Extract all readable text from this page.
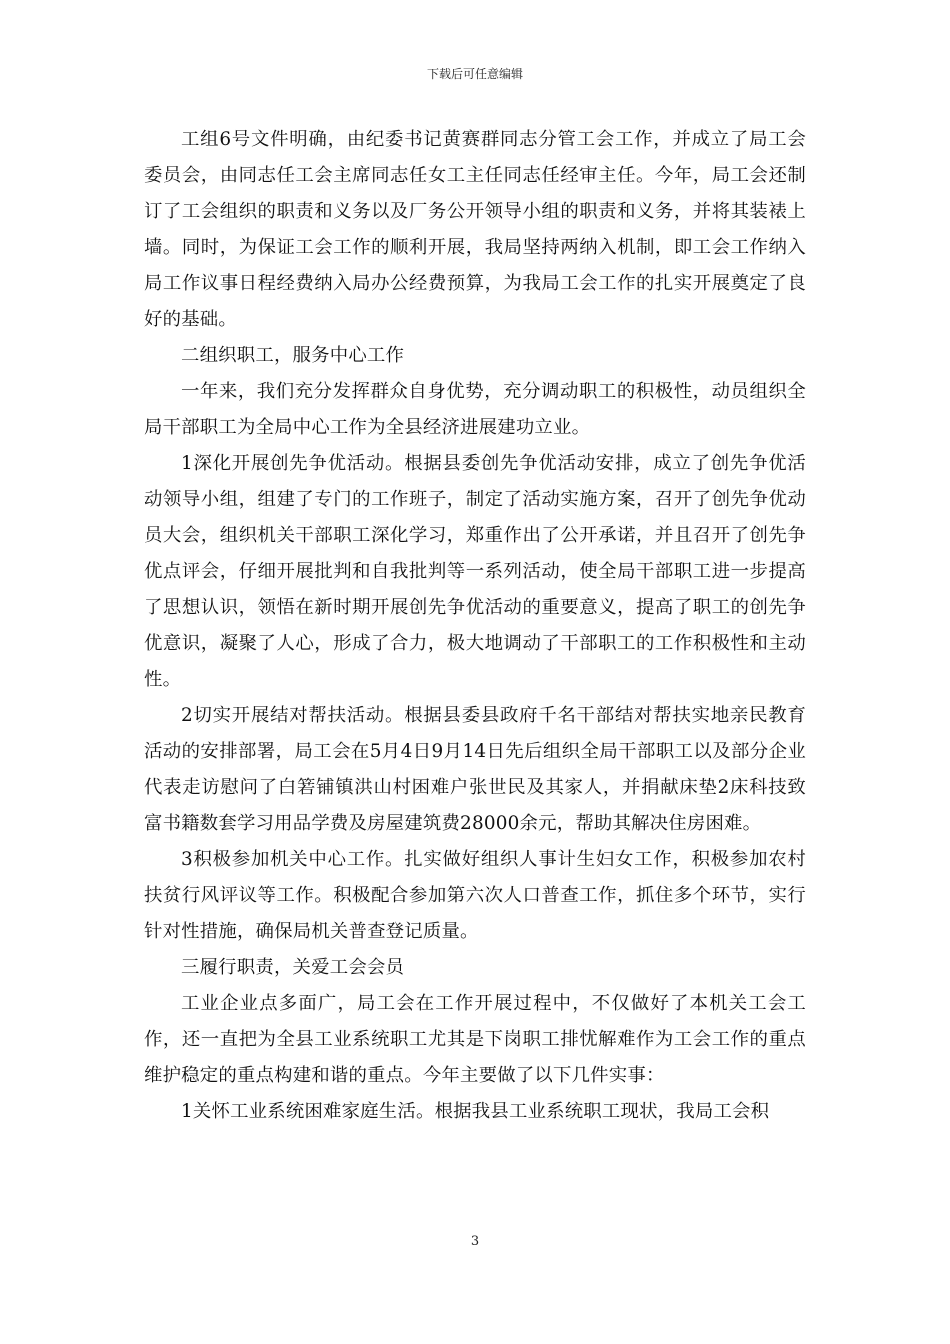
下载后可任意编辑

工组6号文件明确，由纪委书记黄赛群同志分管工会工作，并成立了局工会委员会，由同志任工会主席同志任女工主任同志任经审主任。今年，局工会还制订了工会组织的职责和义务以及厂务公开领导小组的职责和义务，并将其装裱上墙。同时，为保证工会工作的顺利开展，我局坚持两纳入机制，即工会工作纳入局工作议事日程经费纳入局办公经费预算，为我局工会工作的扎实开展奠定了良好的基础。

二组织职工，服务中心工作

一年来，我们充分发挥群众自身优势，充分调动职工的积极性，动员组织全局干部职工为全局中心工作为全县经济进展建功立业。

1深化开展创先争优活动。根据县委创先争优活动安排，成立了创先争优活动领导小组，组建了专门的工作班子，制定了活动实施方案，召开了创先争优动员大会，组织机关干部职工深化学习，郑重作出了公开承诺，并且召开了创先争优点评会，仔细开展批判和自我批判等一系列活动，使全局干部职工进一步提高了思想认识，领悟在新时期开展创先争优活动的重要意义，提高了职工的创先争优意识，凝聚了人心，形成了合力，极大地调动了干部职工的工作积极性和主动性。

2切实开展结对帮扶活动。根据县委县政府千名干部结对帮扶实地亲民教育活动的安排部署，局工会在5月4日9月14日先后组织全局干部职工以及部分企业代表走访慰问了白箬铺镇洪山村困难户张世民及其家人，并捐献床垫2床科技致富书籍数套学习用品学费及房屋建筑费28000余元，帮助其解决住房困难。

3积极参加机关中心工作。扎实做好组织人事计生妇女工作，积极参加农村扶贫行风评议等工作。积极配合参加第六次人口普查工作，抓住多个环节，实行针对性措施，确保局机关普查登记质量。

三履行职责，关爱工会会员

工业企业点多面广，局工会在工作开展过程中，不仅做好了本机关工会工作，还一直把为全县工业系统职工尤其是下岗职工排忧解难作为工会工作的重点维护稳定的重点构建和谐的重点。今年主要做了以下几件实事：

1关怀工业系统困难家庭生活。根据我县工业系统职工现状，我局工会积

3
